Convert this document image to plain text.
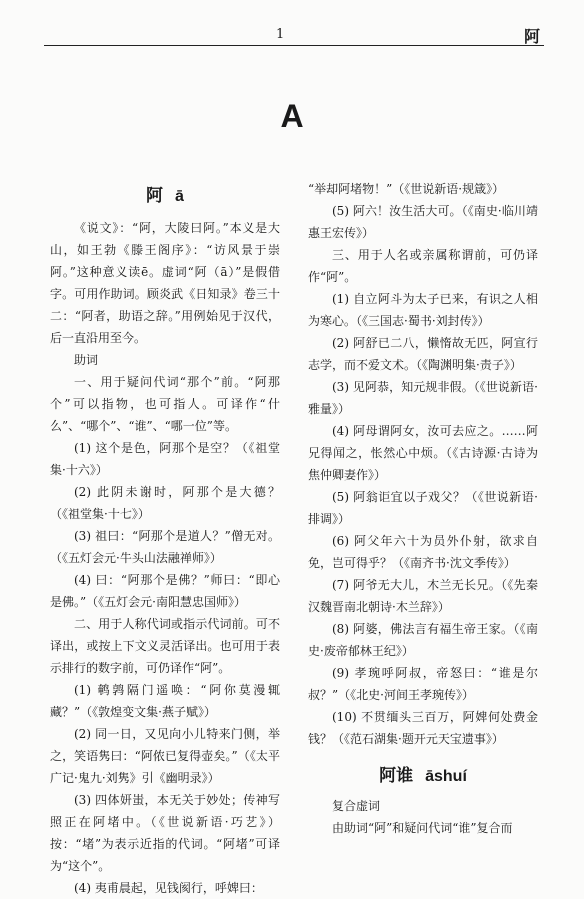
1	阿
A
阿 ā

《说文》：“阿，大陵曰阿。”本义是大山，如王勃《滕王阁序》：“访风景于崇阿。”这种意义读ē。虚词“阿（ā）”是假借字。可用作助词。顾炎武《日知录》卷三十二：“阿者，助语之辞。”用例始见于汉代，后一直沿用至今。

助词

一、用于疑问代词“那个”前。“阿那个”可以指物，也可指人。可译作“什么”、“哪个”、“谁”、“哪一位”等。

(1) 这个是色，阿那个是空？（《祖堂集·十六》）

(2) 此阴未谢时，阿那个是大德？（《祖堂集·十七》）

(3) 祖曰：“阿那个是道人？”僧无对。（《五灯会元·牛头山法融禅师》）

(4) 曰：“阿那个是佛？”师曰：“即心是佛。”（《五灯会元·南阳慧忠国师》）

二、用于人称代词或指示代词前。可不译出，或按上下文义灵活译出。也可用于表示排行的数字前，可仍译作“阿”。

(1) 鹌鹑隔门遥唤：“阿你莫漫辄藏？”（《敦煌变文集·燕子赋》）

(2) 同一日，又见向小儿特来门侧，举之，笑语隽曰：“阿侬已复得壶矣。”（《太平广记·鬼九·刘隽》引《幽明录》）

(3) 四体妍蚩，本无关于妙处；传神写照正在阿堵中。（《世说新语·巧艺》）按：“堵”为表示近指的代词。“阿堵”可译为“这个”。

(4) 夷甫晨起，见钱阂行，呼婢曰：

“举却阿堵物！”（《世说新语·规箴》）

(5) 阿六！汝生活大可。（《南史·临川靖惠王宏传》）

三、用于人名或亲属称谓前，可仍译作“阿”。

(1) 自立阿斗为太子已来，有识之人相为寒心。（《三国志·蜀书·刘封传》）

(2) 阿舒已二八，懒惰故无匹，阿宣行志学，而不爱文术。（《陶渊明集·责子》）

(3) 见阿恭，知元规非假。（《世说新语·雅量》）

(4) 阿母谓阿女，汝可去应之。……阿兄得闻之，怅然心中烦。（《古诗源·古诗为焦仲卿妻作》）

(5) 阿翁讵宜以子戏父？（《世说新语·排调》）

(6) 阿父年六十为员外仆射，欲求自免，岂可得乎？（《南齐书·沈文季传》）

(7) 阿爷无大儿，木兰无长兄。（《先秦汉魏晋南北朝诗·木兰辞》）

(8) 阿婆，佛法言有福生帝王家。（《南史·废帝郁林王纪》）

(9) 孝琬呼阿叔，帝怒曰：“谁是尔叔？”（《北史·河间王孝琬传》）

(10) 不贯缅头三百万，阿婢何处费金钱？（《范石湖集·题开元天宝遗事》）

阿谁 āshuí

复合虚词

由助词“阿”和疑问代词“谁”复合而
